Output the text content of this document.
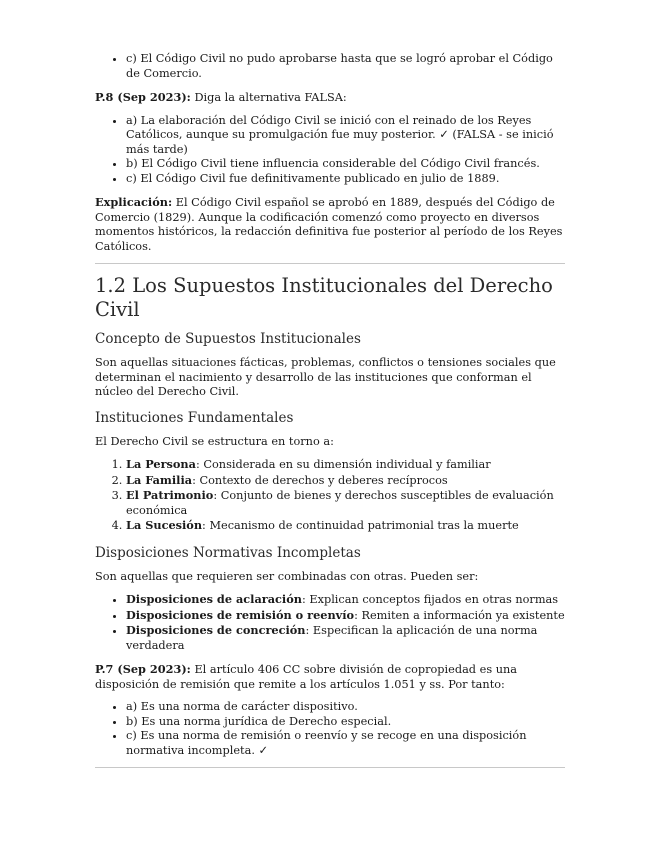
• c) El Código Civil no pudo aprobarse hasta que se logró aprobar el Código de Comercio.

P.8 (Sep 2023): Diga la alternativa FALSA:

• a) La elaboración del Código Civil se inició con el reinado de los Reyes Católicos, aunque su promulgación fue muy posterior. ✓ (FALSA - se inició más tarde)
• b) El Código Civil tiene influencia considerable del Código Civil francés.
• c) El Código Civil fue definitivamente publicado en julio de 1889.

Explicación: El Código Civil español se aprobó en 1889, después del Código de Comercio (1829). Aunque la codificación comenzó como proyecto en diversos momentos históricos, la redacción definitiva fue posterior al período de los Reyes Católicos.

1.2 Los Supuestos Institucionales del Derecho Civil
Concepto de Supuestos Institucionales

Son aquellas situaciones fácticas, problemas, conflictos o tensiones sociales que determinan el nacimiento y desarrollo de las instituciones que conforman el núcleo del Derecho Civil.

Instituciones Fundamentales

El Derecho Civil se estructura en torno a:

1. La Persona: Considerada en su dimensión individual y familiar
2. La Familia: Contexto de derechos y deberes recíprocos
3. El Patrimonio: Conjunto de bienes y derechos susceptibles de evaluación económica
4. La Sucesión: Mecanismo de continuidad patrimonial tras la muerte
Disposiciones Normativas Incompletas

Son aquellas que requieren ser combinadas con otras. Pueden ser:

• Disposiciones de aclaración: Explican conceptos fijados en otras normas
• Disposiciones de remisión o reenvío: Remiten a información ya existente
• Disposiciones de concreción: Especifican la aplicación de una norma verdadera

P.7 (Sep 2023): El artículo 406 CC sobre división de copropiedad es una disposición de remisión que remite a los artículos 1.051 y ss. Por tanto:

• a) Es una norma de carácter dispositivo.
• b) Es una norma jurídica de Derecho especial.
• c) Es una norma de remisión o reenvío y se recoge en una disposición normativa incompleta. ✓
